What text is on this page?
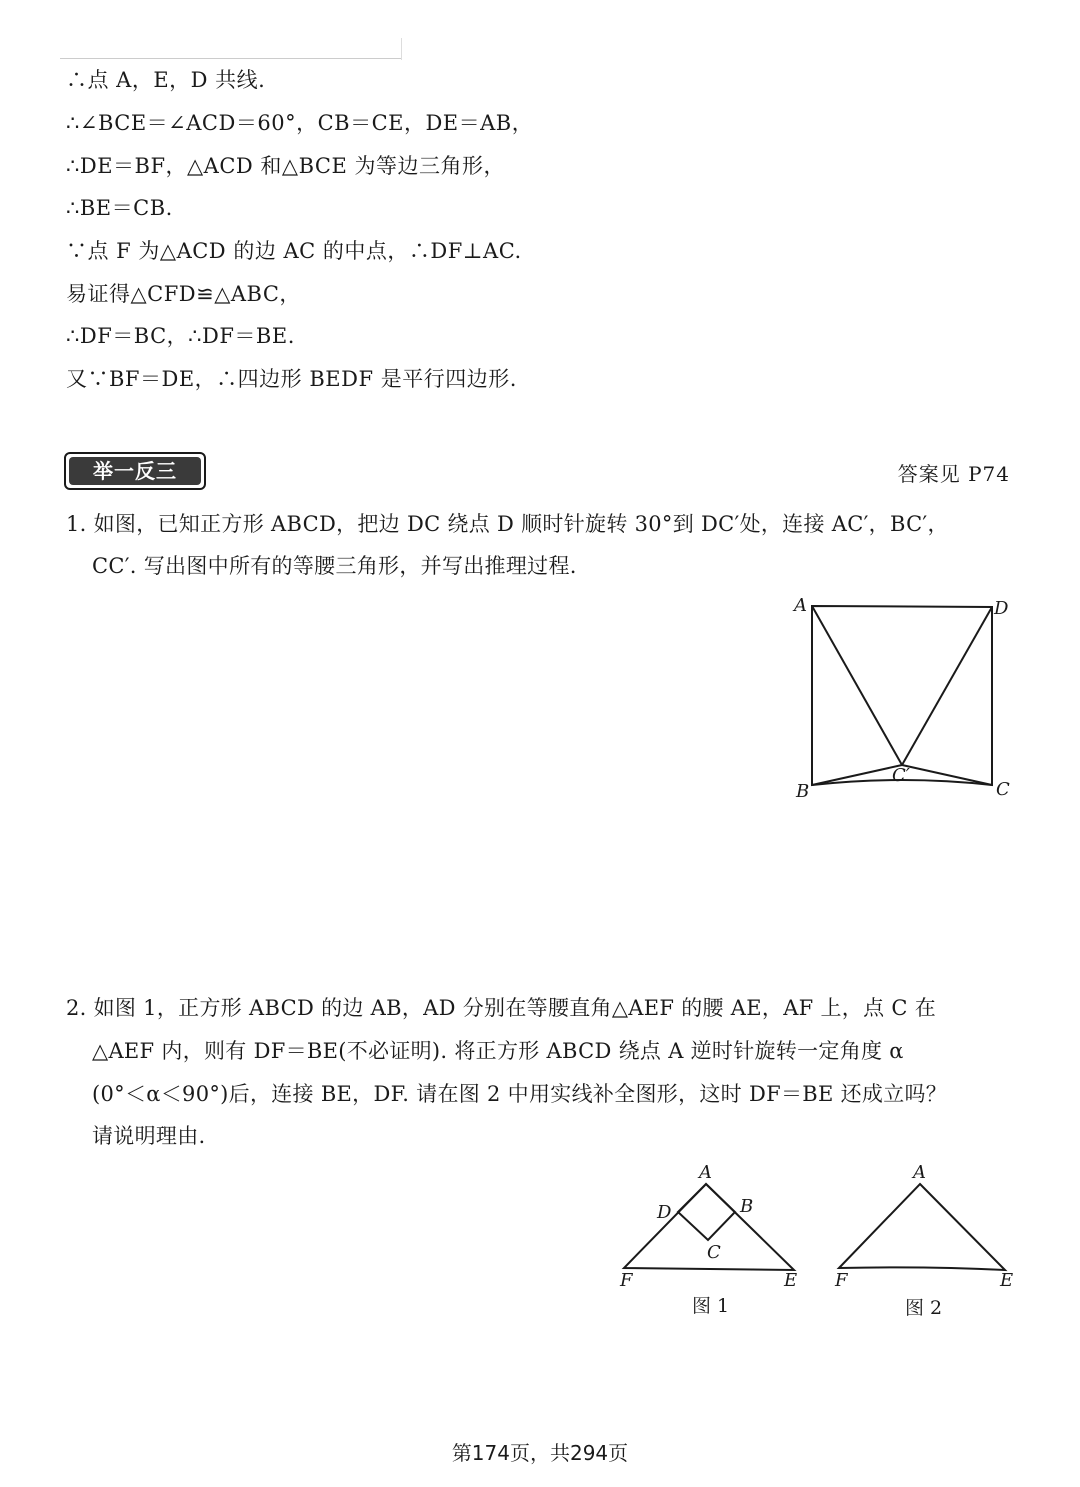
∴点 A，E，D 共线.
∴∠BCE＝∠ACD＝60°，CB＝CE，DE＝AB，
∴DE＝BF，△ACD 和△BCE 为等边三角形，
∴BE＝CB.
∵点 F 为△ACD 的边 AC 的中点，∴DF⊥AC.
易证得△CFD≌△ABC，
∴DF＝BC，∴DF＝BE.
又∵BF＝DE，∴四边形 BEDF 是平行四边形.
举一反三	答案见 P74
1. 如图，已知正方形 ABCD，把边 DC 绕点 D 顺时针旋转 30°到 DC′处，连接 AC′，BC′，
CC′. 写出图中所有的等腰三角形，并写出推理过程.
A	D
B	C
C′
2. 如图 1，正方形 ABCD 的边 AB，AD 分别在等腰直角△AEF 的腰 AE，AF 上，点 C 在
△AEF 内，则有 DF＝BE(不必证明). 将正方形 ABCD 绕点 A 逆时针旋转一定角度 α
(0°＜α＜90°)后，连接 BE，DF. 请在图 2 中用实线补全图形，这时 DF＝BE 还成立吗？
请说明理由.
A
B
C
D
E
F
图 1
A
E
F
图 2
第174页，共294页
